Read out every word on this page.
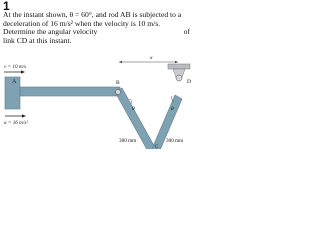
1
At the instant shown, θ = 60°, and rod AB is subjected to a
deceleration of 16 m/s² when the velocity is 10 m/s.
Determine the angular velocity	of
link CD at this instant.
v = 10 m/s
A
a = 16 m/s²
B
C
D
x
θ	θ
300 mm	300 mm
